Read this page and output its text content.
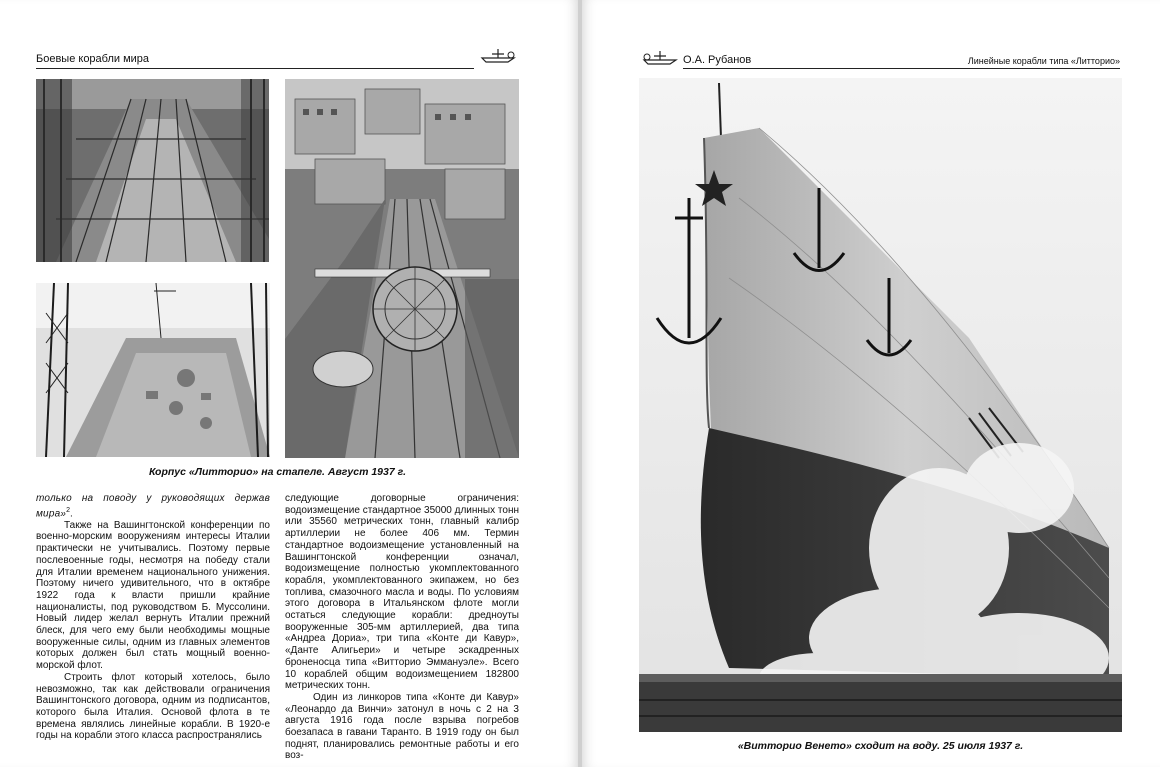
Боевые корабли мира
Корпус «Литторио» на стапеле. Август 1937 г.

только на поводу у руководящих держав мира»$^2$.

Также на Вашингтонской конференции по военно-морским вооружениям интересы Италии практически не учитывались. Поэтому первые послевоенные годы, несмотря на победу стали для Италии временем национального унижения. Поэтому ничего удивительного, что в октябре 1922 года к власти пришли крайние националисты, под руководством Б. Муссолини. Новый лидер желал вернуть Италии прежний блеск, для чего ему были необходимы мощные вооруженные силы, одним из главных элементов которых должен был стать мощный военно-морской флот.

Строить флот который хотелось, было невозможно, так как действовали ограничения Вашингтонского договора, одним из подписантов, которого была Италия. Основой флота в те времена являлись линейные корабли. В 1920-е годы на корабли этого класса распространялись

следующие договорные ограничения: водоизмещение стандартное 35000 длинных тонн или 35560 метрических тонн, главный калибр артиллерии не более 406 мм. Термин стандартное водоизмещение установленный на Вашингтонской конференции означал, водоизмещение полностью укомплектованного корабля, укомплектованного экипажем, но без топлива, смазочного масла и воды. По условиям этого договора в Итальянском флоте могли остаться следующие корабли: дредноуты вооруженные 305-мм артиллерией, два типа «Андреа Дориа», три типа «Конте ди Кавур», «Данте Алигьери» и четыре эскадренных броненосца типа «Витторио Эммануэле». Всего 10 кораблей общим водоизмещением 182800 метрических тонн.

Один из линкоров типа «Конте ди Кавур» «Леонардо да Винчи» затонул в ночь с 2 на 3 августа 1916 года после взрыва погребов боезапаса в гавани Таранто. В 1919 году он был поднят, планировались ремонтные работы и его воз-

О.А. Рубанов	Линейные корабли типа «Литторио»
«Витторио Венето» сходит на воду. 25 июля 1937 г.
